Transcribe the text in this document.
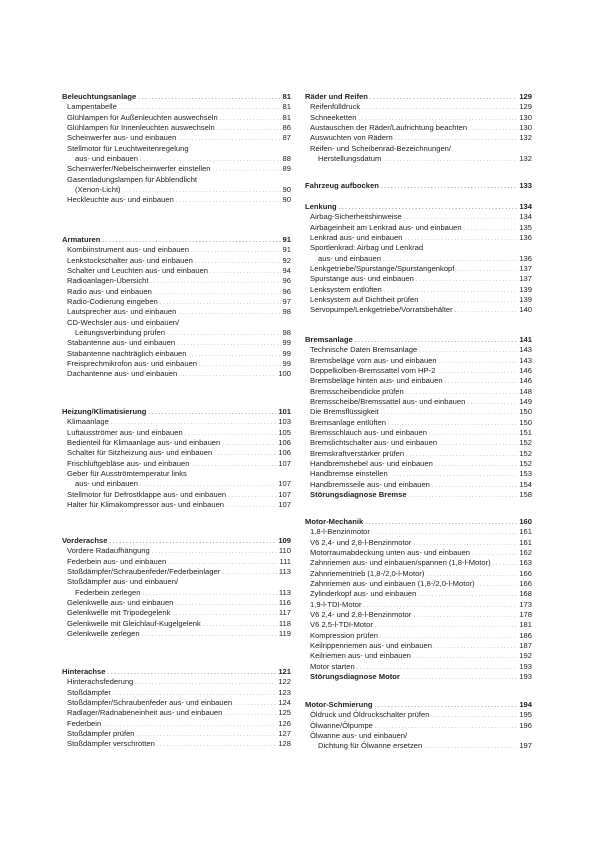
Beleuchtungsanlage . . .	81
Lampentabelle . . .	81
Glühlampen für Außenleuchten auswechseln . . .	81
Glühlampen für Innenleuchten auswechseln . . .	86
Scheinwerfer aus- und einbauen . . .	87
Stellmotor für Leuchtweitenregelung
aus- und einbauen . . .	88
Scheinwerfer/Nebelscheinwerfer einstellen . . .	89
Gasentladungslampen für Abblendlicht
(Xenon-Licht) . . .	90
Heckleuchte aus- und einbauen . . .	90
Armaturen . . .	91
Kombiinstrument aus- und einbauen . . .	91
Lenkstockschalter aus- und einbauen . . .	92
Schalter und Leuchten aus- und einbauen . . .	94
Radioanlagen-Übersicht . . .	96
Radio aus- und einbauen . . .	96
Radio-Codierung eingeben . . .	97
Lautsprecher aus- und einbauen . . .	98
CD-Wechsler aus- und einbauen/
Leitungsverbindung prüfen . . .	98
Stabantenne aus- und einbauen . . .	99
Stabantenne nachträglich einbauen . . .	99
Freisprechmikrofon aus- und einbauen . . .	99
Dachantenne aus- und einbauen . . .	100
Heizung/Klimatisierung . . .	101
Klimaanlage . . .	103
Luftausströmer aus- und einbauen . . .	105
Bedienteil für Klimaanlage aus- und einbauen . . .	106
Schalter für Sitzheizung aus- und einbauen . . .	106
Frischluftgebläse aus- und einbauen . . .	107
Geber für Ausströmtemperatur links
aus- und einbauen . . .	107
Stellmotor für Defrostklappe aus- und einbauen . . .	107
Halter für Klimakompressor aus- und einbauen . . .	107
Vorderachse . . .	109
Vordere Radaufhängung . . .	110
Federbein aus- und einbauen . . .	111
Stoßdämpfer/Schraubenfeder/Federbeinlager . . .	113
Stoßdämpfer aus- und einbauen/
Federbein zerlegen . . .	113
Gelenkwelle aus- und einbauen . . .	116
Gelenkwelle mit Tripodegelenk . . .	117
Gelenkwelle mit Gleichlauf-Kugelgelenk . . .	118
Gelenkwelle zerlegen . . .	119
Hinterachse . . .	121
Hinterachsfederung . . .	122
Stoßdämpfer . . .	123
Stoßdämpfer/Schraubenfeder aus- und einbauen . . .	124
Radlager/Radnabeneinheit aus- und einbauen . . .	125
Federbein . . .	126
Stoßdämpfer prüfen . . .	127
Stoßdämpfer verschrotten . . .	128
Räder und Reifen . . .	129
Reifenfülldruck . . .	129
Schneeketten . . .	130
Austauschen der Räder/Laufrichtung beachten . . .	130
Auswuchten von Rädern . . .	132
Reifen- und Scheibenrad-Bezeichnungen/
Herstellungsdatum . . .	132
Fahrzeug aufbocken . . .	133
Lenkung . . .	134
Airbag-Sicherheitshinweise . . .	134
Airbageinheit am Lenkrad aus- und einbauen . . .	135
Lenkrad aus- und einbauen . . .	136
Sportlenkrad: Airbag und Lenkrad
aus- und einbauen . . .	136
Lenkgetriebe/Spurstange/Spurstangenkopf . . .	137
Spurstange aus- und einbauen . . .	137
Lenksystem entlüften . . .	139
Lenksystem auf Dichtheit prüfen . . .	139
Servopumpe/Lenkgetriebe/Vorratsbehälter . . .	140
Bremsanlage . . .	141
Technische Daten Bremsanlage . . .	143
Bremsbeläge vorn aus- und einbauen . . .	143
Doppelkolben-Bremssattel vorn HP-2 . . .	146
Bremsbeläge hinten aus- und einbauen . . .	146
Bremsscheibendicke prüfen . . .	148
Bremsscheibe/Bremssattel aus- und einbauen . . .	149
Die Bremsflüssigkeit . . .	150
Bremsanlage entlüften . . .	150
Bremsschlauch aus- und einbauen . . .	151
Bremslichtschalter aus- und einbauen . . .	152
Bremskraftverstärker prüfen . . .	152
Handbremshebel aus- und einbauen . . .	152
Handbremse einstellen . . .	153
Handbremsseile aus- und einbauen . . .	154
Störungsdiagnose Bremse . . .	158
Motor-Mechanik . . .	160
1,8-l-Benzinmotor . . .	161
V6 2,4- und 2,8-l-Benzinmotor . . .	161
Motorraumabdeckung unten aus- und einbauen . . .	162
Zahnriemen aus- und einbauen/spannen (1,8-l-Motor) . . .	163
Zahnriementrieb (1,8-/2,0-l-Motor) . . .	166
Zahnriemen aus- und einbauen (1,8-/2,0-l-Motor) . . .	166
Zylinderkopf aus- und einbauen . . .	168
1,9-l-TDI-Motor . . .	173
V6 2,4- und 2,8-l-Benzinmotor . . .	178
V6 2,5-l-TDI-Motor . . .	181
Kompression prüfen . . .	186
Keilrippenriemen aus- und einbauen . . .	187
Keilriemen aus- und einbauen . . .	192
Motor starten . . .	193
Störungsdiagnose Motor . . .	193
Motor-Schmierung . . .	194
Öldruck und Öldruckschalter prüfen . . .	195
Ölwanne/Ölpumpe . . .	196
Ölwanne aus- und einbauen/
Dichtung für Ölwanne ersetzen . . .	197
